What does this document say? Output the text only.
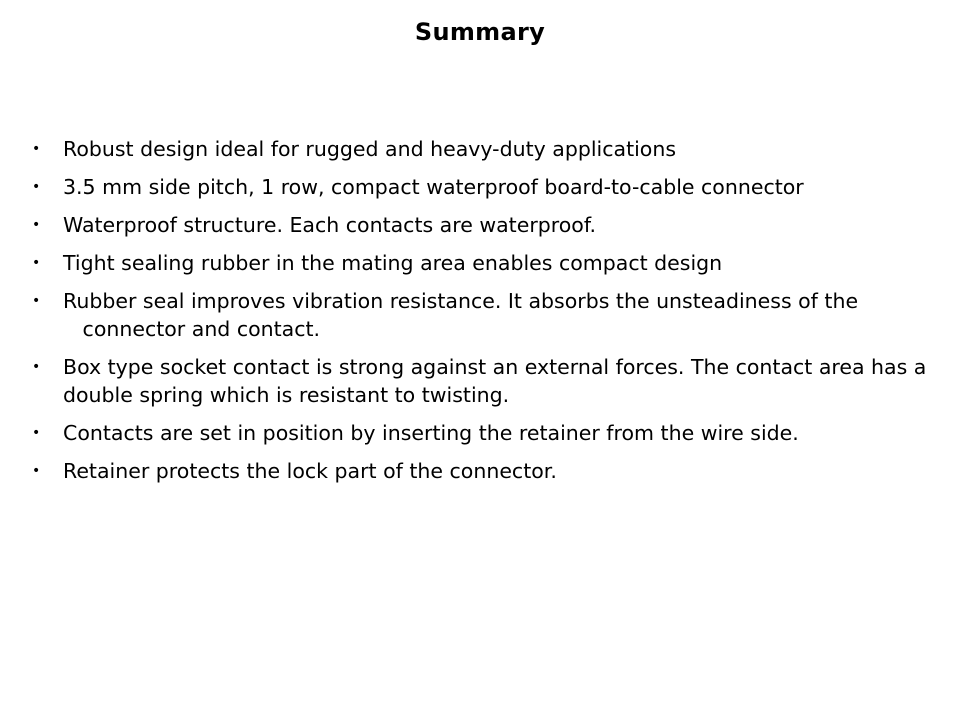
Summary
• Robust design ideal for rugged and heavy-duty applications
• 3.5 mm side pitch, 1 row, compact waterproof board-to-cable connector
• Waterproof structure. Each contacts are waterproof.
• Tight sealing rubber in the mating area enables compact design
• Rubber seal improves vibration resistance. It absorbs the unsteadiness of the    connector and contact.
• Box type socket contact is strong against an external forces. The contact area has a double spring which is resistant to twisting.
• Contacts are set in position by inserting the retainer from the wire side.
• Retainer protects the lock part of the connector.
